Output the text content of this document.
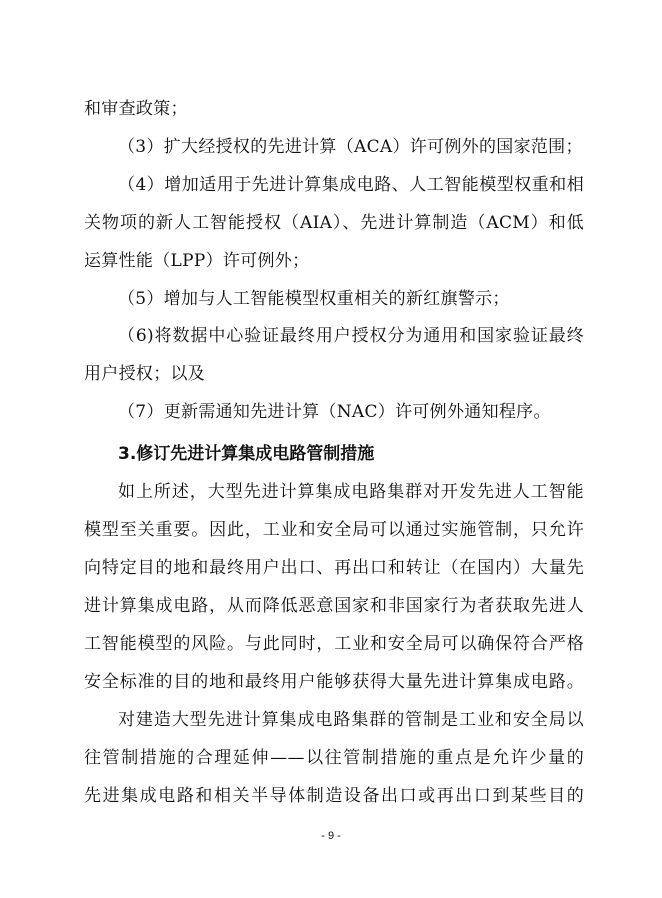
和审查政策；
（3）扩大经授权的先进计算（ACA）许可例外的国家范围；
（4）增加适用于先进计算集成电路、人工智能模型权重和相
关物项的新人工智能授权（AIA）、先进计算制造（ACM）和低
运算性能（LPP）许可例外；
（5）增加与人工智能模型权重相关的新红旗警示；
（6)将数据中心验证最终用户授权分为通用和国家验证最终
用户授权；以及
（7）更新需通知先进计算（NAC）许可例外通知程序。
3.修订先进计算集成电路管制措施
如上所述，大型先进计算集成电路集群对开发先进人工智能
模型至关重要。因此，工业和安全局可以通过实施管制，只允许
向特定目的地和最终用户出口、再出口和转让（在国内）大量先
进计算集成电路，从而降低恶意国家和非国家行为者获取先进人
工智能模型的风险。与此同时，工业和安全局可以确保符合严格
安全标准的目的地和最终用户能够获得大量先进计算集成电路。
对建造大型先进计算集成电路集群的管制是工业和安全局以
往管制措施的合理延伸——以往管制措施的重点是允许少量的
先进集成电路和相关半导体制造设备出口或再出口到某些目的
- 9 -
